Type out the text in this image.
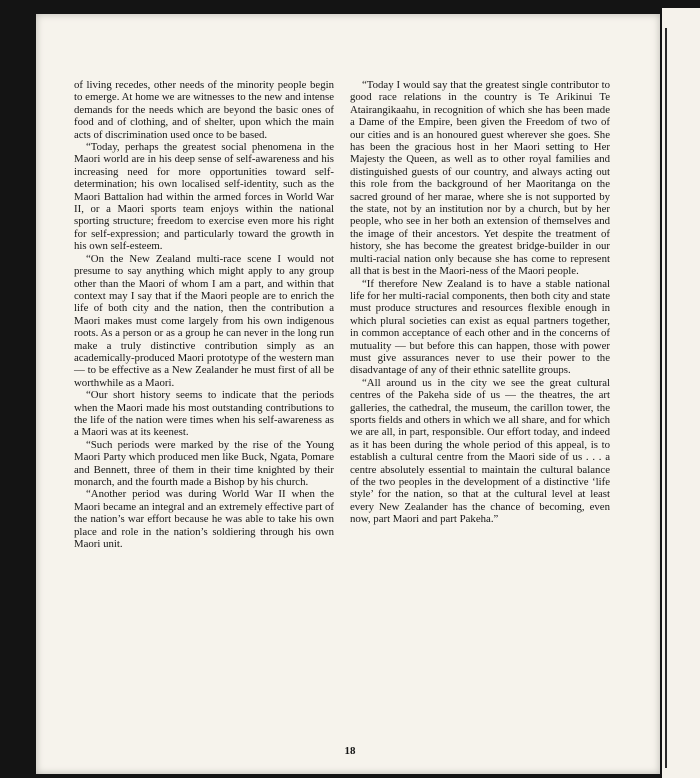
of living recedes, other needs of the minority people begin to emerge. At home we are witnesses to the new and intense demands for the needs which are beyond the basic ones of food and of clothing, and of shelter, upon which the main acts of discrimination used once to be based.

“Today, perhaps the greatest social phenomena in the Maori world are in his deep sense of self-awareness and his increasing need for more opportunities toward self-determination; his own localised self-identity, such as the Maori Battalion had within the armed forces in World War II, or a Maori sports team enjoys within the national sporting structure; freedom to exercise even more his right for self-expression; and particularly toward the growth in his own self-esteem.

“On the New Zealand multi-race scene I would not presume to say anything which might apply to any group other than the Maori of whom I am a part, and within that context may I say that if the Maori people are to enrich the life of both city and the nation, then the contribution a Maori makes must come largely from his own indigenous roots. As a person or as a group he can never in the long run make a truly distinctive contribution simply as an academically-produced Maori prototype of the western man — to be effective as a New Zealander he must first of all be worthwhile as a Maori.

“Our short history seems to indicate that the periods when the Maori made his most outstanding contributions to the life of the nation were times when his self-awareness as a Maori was at its keenest.

“Such periods were marked by the rise of the Young Maori Party which produced men like Buck, Ngata, Pomare and Bennett, three of them in their time knighted by their monarch, and the fourth made a Bishop by his church.

“Another period was during World War II when the Maori became an integral and an extremely effective part of the nation’s war effort because he was able to take his own place and role in the nation’s soldiering through his own Maori unit.

“Today I would say that the greatest single contributor to good race relations in the country is Te Arikinui Te Atairangikaahu, in recognition of which she has been made a Dame of the Empire, been given the Freedom of two of our cities and is an honoured guest wherever she goes. She has been the gracious host in her Maori setting to Her Majesty the Queen, as well as to other royal families and distinguished guests of our country, and always acting out this role from the background of her Maoritanga on the sacred ground of her marae, where she is not supported by the state, not by an institution nor by a church, but by her people, who see in her both an extension of themselves and the image of their ancestors. Yet despite the treatment of history, she has become the greatest bridge-builder in our multi-racial nation only because she has come to represent all that is best in the Maori-ness of the Maori people.

“If therefore New Zealand is to have a stable national life for her multi-racial components, then both city and state must produce structures and resources flexible enough in which plural societies can exist as equal partners together, in common acceptance of each other and in the concerns of mutuality — but before this can happen, those with power must give assurances never to use their power to the disadvantage of any of their ethnic satellite groups.

“All around us in the city we see the great cultural centres of the Pakeha side of us — the theatres, the art galleries, the cathedral, the museum, the carillon tower, the sports fields and others in which we all share, and for which we are all, in part, responsible. Our effort today, and indeed as it has been during the whole period of this appeal, is to establish a cultural centre from the Maori side of us . . . a centre absolutely essential to maintain the cultural balance of the two peoples in the development of a distinctive ‘life style’ for the nation, so that at the cultural level at least every New Zealander has the chance of becoming, even now, part Maori and part Pakeha.”

18
